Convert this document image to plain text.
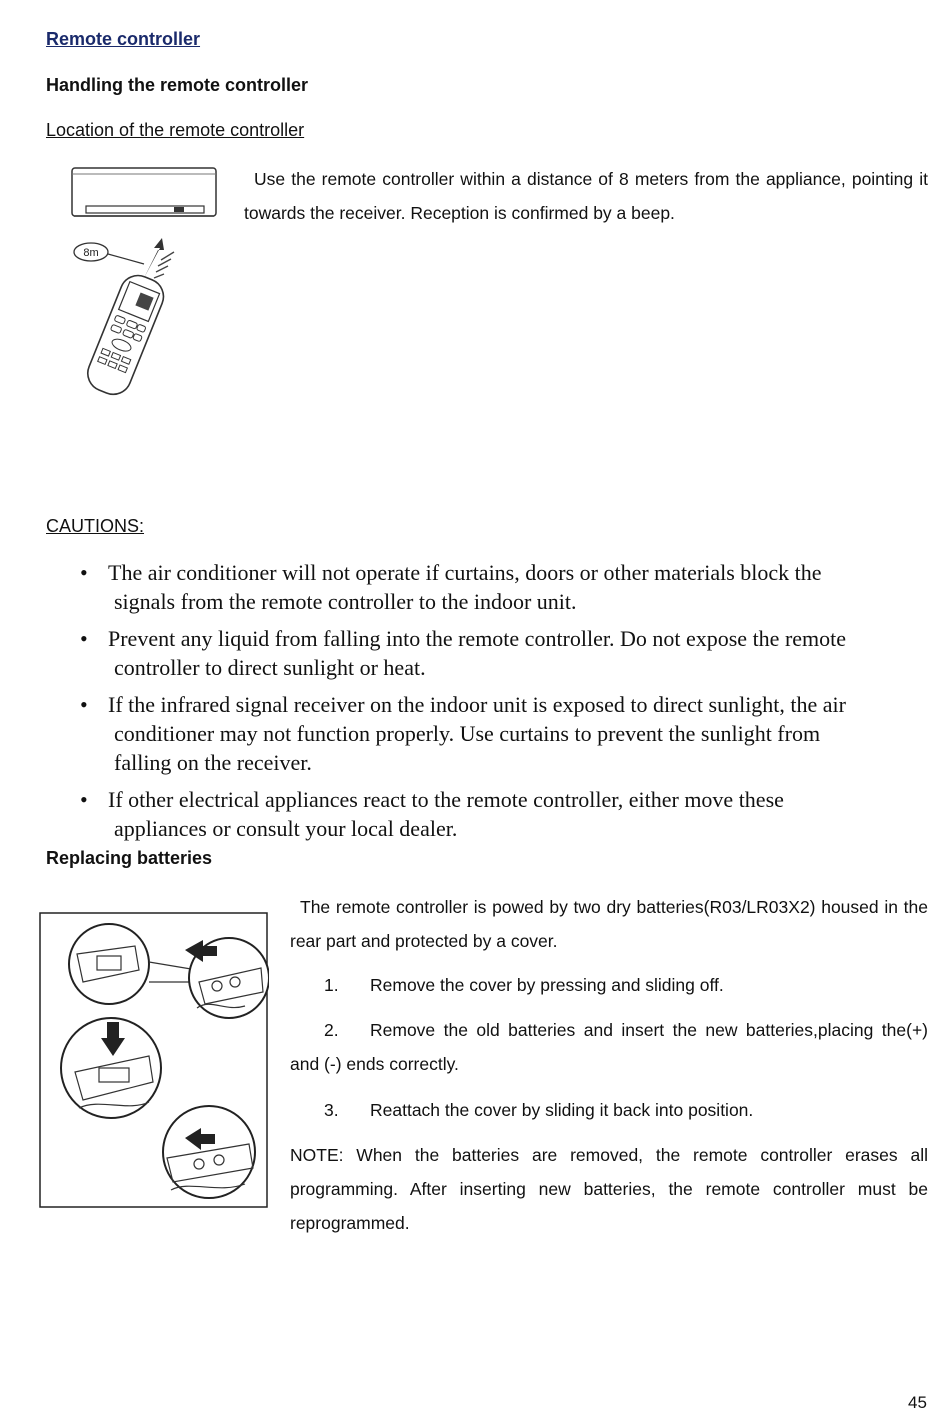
Remote controller
Handling the remote controller
Location of the remote controller
8m
Use the remote controller within a distance of 8 meters from the appliance, pointing it towards the receiver. Reception is confirmed by a beep.
CAUTIONS:
• The air conditioner will not operate if curtains, doors or other materials block the
signals from the remote controller to the indoor unit.
• Prevent any liquid from falling into the remote controller. Do not expose the remote
controller to direct sunlight or heat.
• If the infrared signal receiver on the indoor unit is exposed to direct sunlight, the air
conditioner may not function properly. Use curtains to prevent the sunlight from
falling on the receiver.
• If other electrical appliances react to the remote controller, either move these
appliances or consult your local dealer.
Replacing batteries
The remote controller is powed by two dry batteries(R03/LR03X2) housed in the rear part and protected by a cover.
1. Remove the cover by pressing and sliding off.
2. Remove the old batteries and insert the new batteries,placing the(+) and (-) ends correctly.
3. Reattach the cover by sliding it back into position.
NOTE: When the batteries are removed, the remote controller erases all programming. After inserting new batteries, the remote controller must be reprogrammed.
45
